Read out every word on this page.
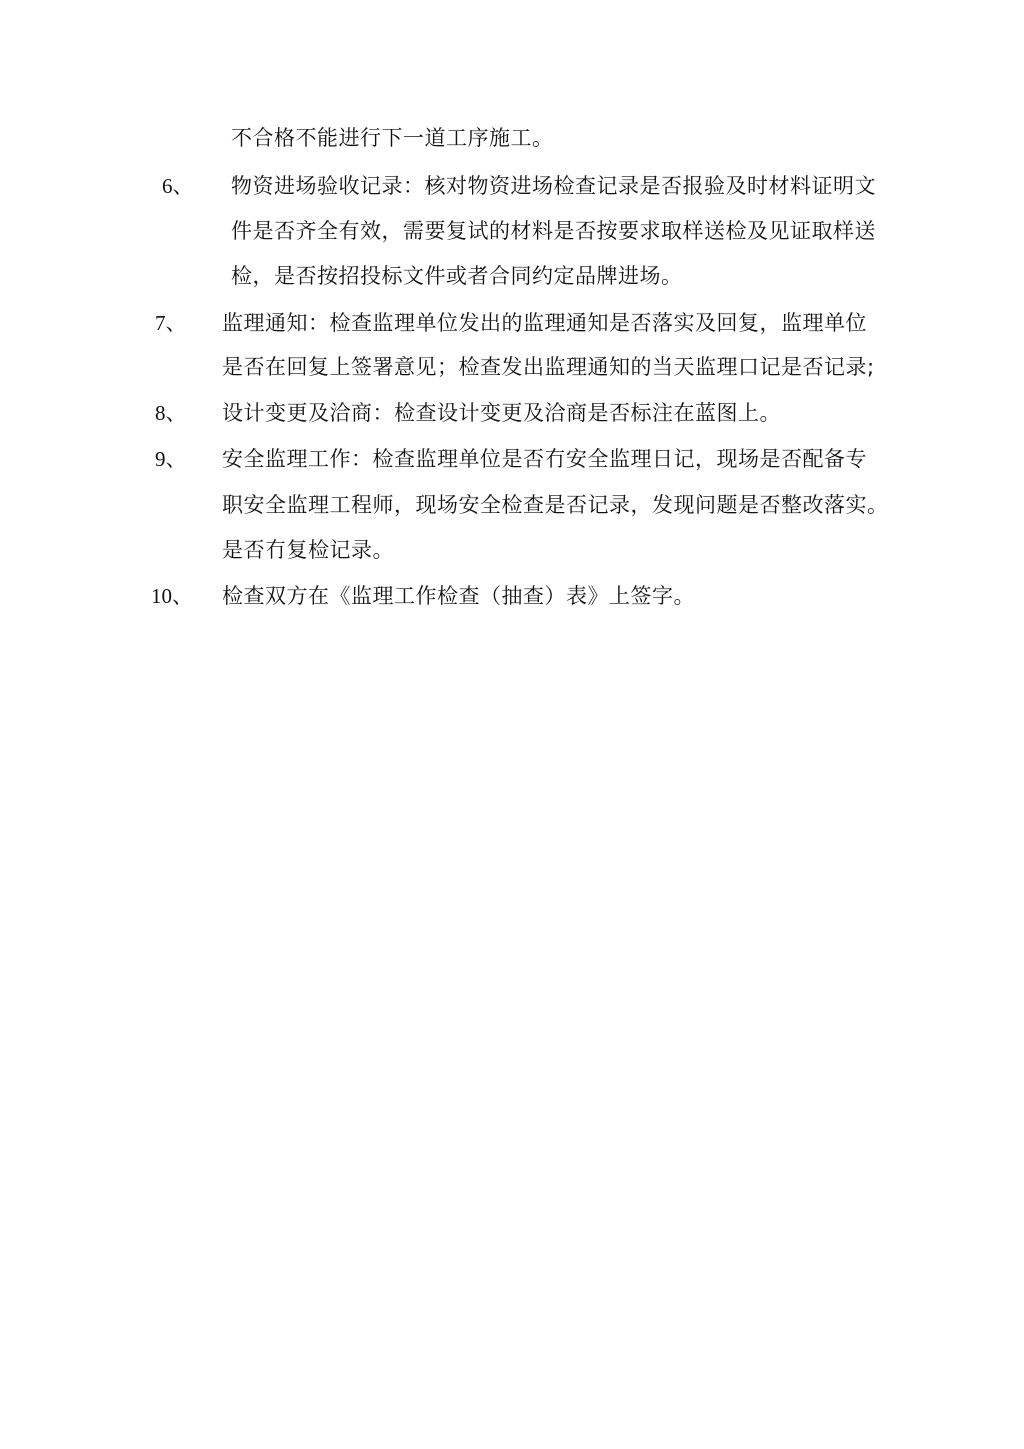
不合格不能进行下一道工序施工。
6、 物资进场验收记录：核对物资进场检查记录是否报验及时材料证明文
件是否齐全有效，需要复试的材料是否按要求取样送检及见证取样送
检，是否按招投标文件或者合同约定品牌进场。
7、 监理通知：检查监理单位发出的监理通知是否落实及回复，监理单位
是否在回复上签署意见；检查发出监理通知的当天监理口记是否记录;
8、 设计变更及洽商：检查设计变更及洽商是否标注在蓝图上。
9、 安全监理工作：检查监理单位是否冇安全监理日记，现场是否配备专
职安全监理工程师，现场安全检查是否记录，发现问题是否整改落实。
是否冇复检记录。
10、 检查双方在《监理工作检查（抽查）表》上签字。
